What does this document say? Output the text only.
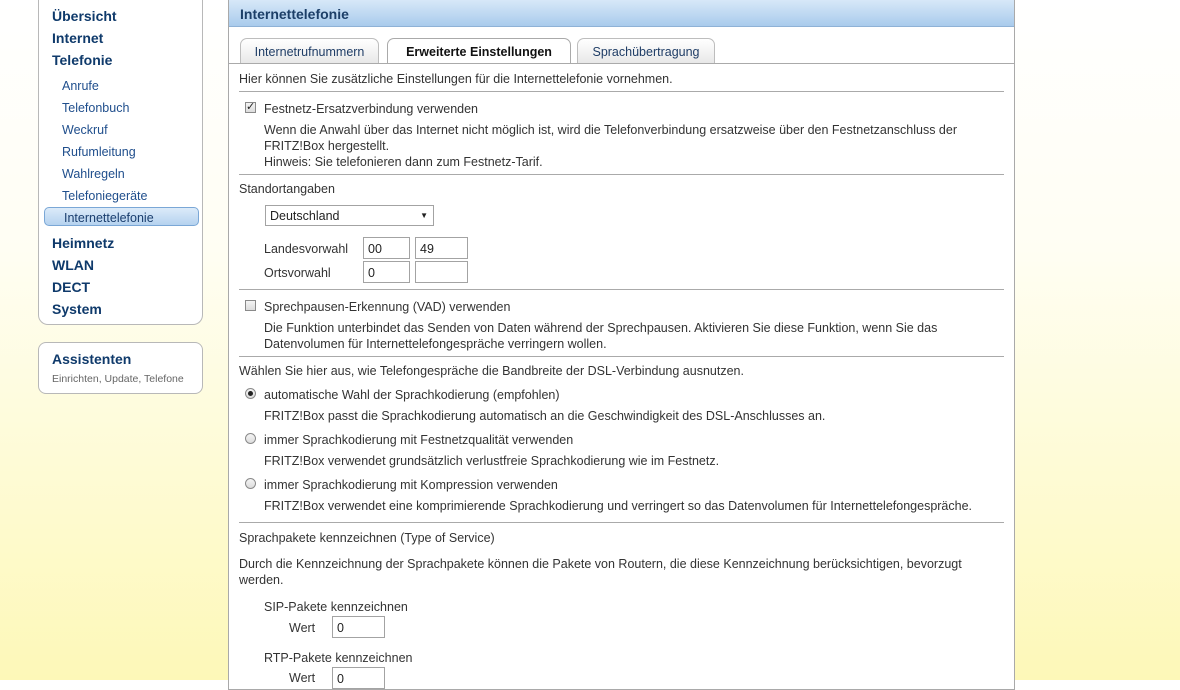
Übersicht
Internet
Telefonie
Anrufe
Telefonbuch
Weckruf
Rufumleitung
Wahlregeln
Telefoniegeräte
Internettelefonie
Heimnetz
WLAN
DECT
System
Assistenten
Einrichten, Update, Telefone
Internettelefonie
Internetrufnummern	Erweiterte Einstellungen	Sprachübertragung
Hier können Sie zusätzliche Einstellungen für die Internettelefonie vornehmen.
✓
Festnetz-Ersatzverbindung verwenden
Wenn die Anwahl über das Internet nicht möglich ist, wird die Telefonverbindung ersatzweise über den Festnetzanschluss der
FRITZ!Box hergestellt.
Hinweis: Sie telefonieren dann zum Festnetz-Tarif.
Standortangaben
Deutschland	▼
Landesvorwahl	00	49
Ortsvorwahl	0
Sprechpausen-Erkennung (VAD) verwenden
Die Funktion unterbindet das Senden von Daten während der Sprechpausen. Aktivieren Sie diese Funktion, wenn Sie das
Datenvolumen für Internettelefongespräche verringern wollen.
Wählen Sie hier aus, wie Telefongespräche die Bandbreite der DSL-Verbindung ausnutzen.
automatische Wahl der Sprachkodierung (empfohlen)
FRITZ!Box passt die Sprachkodierung automatisch an die Geschwindigkeit des DSL-Anschlusses an.
immer Sprachkodierung mit Festnetzqualität verwenden
FRITZ!Box verwendet grundsätzlich verlustfreie Sprachkodierung wie im Festnetz.
immer Sprachkodierung mit Kompression verwenden
FRITZ!Box verwendet eine komprimierende Sprachkodierung und verringert so das Datenvolumen für Internettelefongespräche.
Sprachpakete kennzeichnen (Type of Service)
Durch die Kennzeichnung der Sprachpakete können die Pakete von Routern, die diese Kennzeichnung berücksichtigen, bevorzugt
werden.
SIP-Pakete kennzeichnen
Wert	0
RTP-Pakete kennzeichnen
Wert	0
